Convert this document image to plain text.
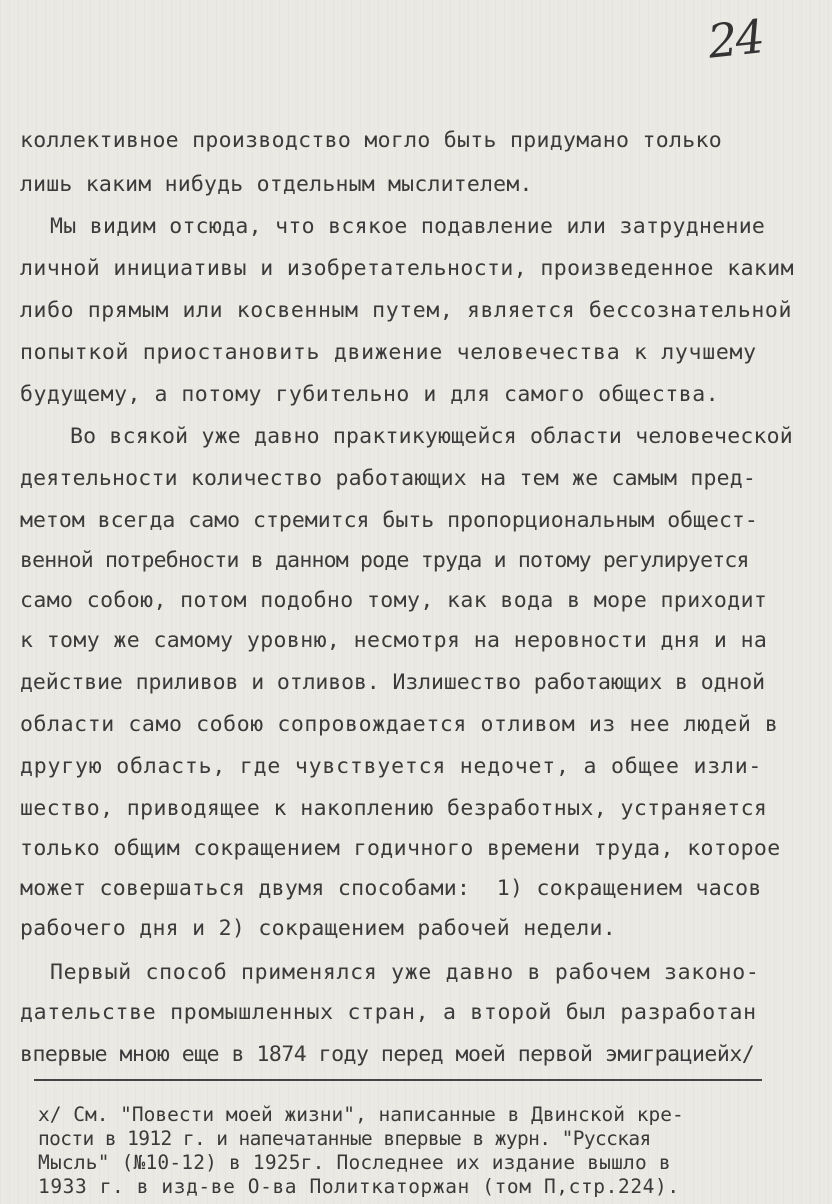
24
коллективное производство могло быть придумано только
лишь каким нибудь отдельным мыслителем.
Мы видим отсюда, что всякое подавление или затруднение
личной инициативы и изобретательности, произведенное каким
либо прямым или косвенным путем, является бессознательной
попыткой приостановить движение человечества к лучшему
будущему, а потому губительно и для самого общества.
Во всякой уже давно практикующейся области человеческой
деятельности количество работающих на тем же самым пред-
метом всегда само стремится быть пропорциональным общест-
венной потребности в данном роде труда и потому регулируется
само собою, потом подобно тому, как вода в море приходит
к тому же самому уровню, несмотря на неровности дня и на
действие приливов и отливов. Излишество работающих в одной
области само собою сопровождается отливом из нее людей в
другую область, где чувствуется недочет, а общее изли-
шество, приводящее к накоплению безработных, устраняется
только общим сокращением годичного времени труда, которое
может совершаться двумя способами:  1) сокращением часов
рабочего дня и 2) сокращением рабочей недели.
Первый способ применялся уже давно в рабочем законо-
дательстве промышленных стран, а второй был разработан
впервые мною еще в 1874 году перед моей первой эмиграциейх/
х/ См. "Повести моей жизни", написанные в Двинской кре-
пости в 1912 г. и напечатанные впервые в журн. "Русская
Мысль" (№10-12) в 1925г. Последнее их издание вышло в
1933 г. в изд-ве О-ва Политкаторжан (том П,стр.224).
